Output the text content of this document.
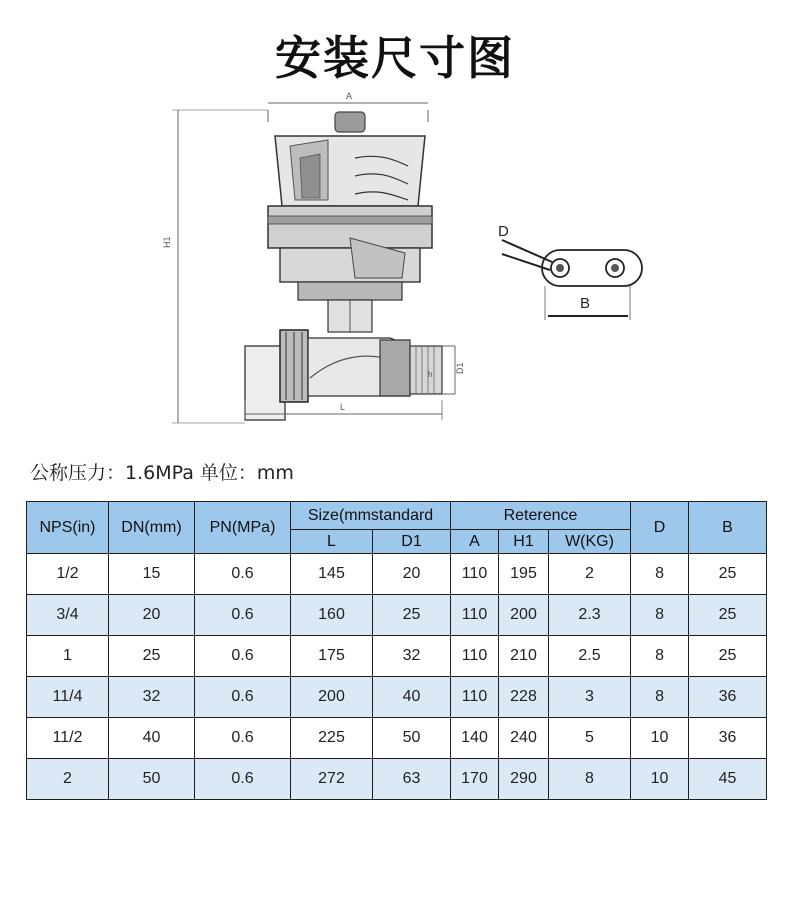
安装尺寸图
A
H1
D1
h
L
D
B
公称压力：1.6MPa 单位：mm
NPS(in)	DN(mm)	PN(MPa)	Size(mmstandard		Reterence			D	B
			L	D1	A	H1	W(KG)		
1/2	15	0.6	145	20	110	195	2	8	25
3/4	20	0.6	160	25	110	200	2.3	8	25
1	25	0.6	175	32	110	210	2.5	8	25
11/4	32	0.6	200	40	110	228	3	8	36
11/2	40	0.6	225	50	140	240	5	10	36
2	50	0.6	272	63	170	290	8	10	45
